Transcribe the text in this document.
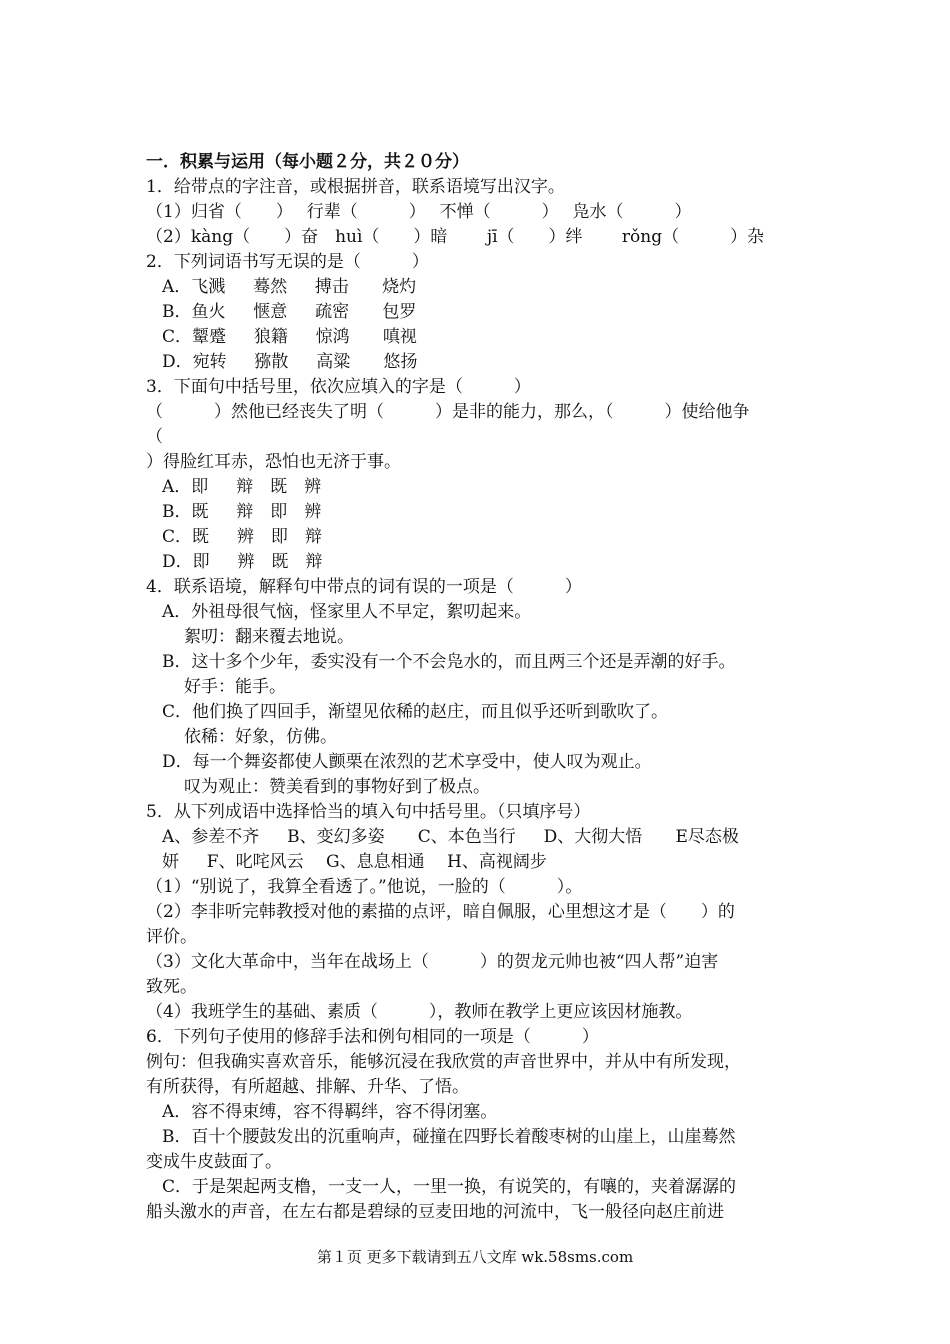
一．积累与运用（每小题２分，共２０分）
1．给带点的字注音，或根据拼音，联系语境写出汉字。
（1）归省（　　）　 行辈（　　　）　 不惮（　　　）　 凫水（　　　）
（2）kàng（　　）奋　huì（　　）暗　　 jī（　　）绊　　 rǒng（　　　）杂
2．下列词语书写无误的是（　　　）
A．飞溅　  蓦然　  搏击　   烧灼
B．鱼火　  惬意　  疏密　   包罗
C．颦蹙　  狼籍　  惊鸿　   嗔视
D．宛转　  猕散　  高粱　   悠扬
3．下面句中括号里，依次应填入的字是（　　　）
（　　　）然他已经丧失了明（　　　）是非的能力，那么，（　　　）使给他争
（
）得脸红耳赤，恐怕也无济于事。
A．即　  辩　既　辨
B．既　  辩　即　辨
C．既　  辨　即　辩
D．即　  辨　既　辩
4．联系语境，解释句中带点的词有误的一项是（　　　）
A．外祖母很气恼，怪家里人不早定，絮叨起来。
絮叨：翻来覆去地说。
B．这十多个少年，委实没有一个不会凫水的，而且两三个还是弄潮的好手。
好手：能手。
C．他们换了四回手，渐望见依稀的赵庄，而且似乎还听到歌吹了。
依稀：好象，仿佛。
D．每一个舞姿都使人颤栗在浓烈的艺术享受中，使人叹为观止。
叹为观止：赞美看到的事物好到了极点。
5．从下列成语中选择恰当的填入句中括号里。（只填序号）
A、参差不齐　  B、变幻多姿　   C、本色当行　  D、大彻大悟　   E尽态极
妍　  F、叱咤风云　 G、息息相通　 H、高视阔步
（1）“别说了，我算全看透了。”他说，一脸的（　　　）。
（2）李非听完韩教授对他的素描的点评，暗自佩服，心里想这才是（　　）的
评价。
（3）文化大革命中，当年在战场上（　　　）的贺龙元帅也被“四人帮”迫害
致死。
（4）我班学生的基础、素质（　　　），教师在教学上更应该因材施教。
6．下列句子使用的修辞手法和例句相同的一项是（　　　）
例句：但我确实喜欢音乐，能够沉浸在我欣赏的声音世界中，并从中有所发现，
有所获得，有所超越、排解、升华、了悟。
A．容不得束缚，容不得羁绊，容不得闭塞。
B．百十个腰鼓发出的沉重响声，碰撞在四野长着酸枣树的山崖上，山崖蓦然
变成牛皮鼓面了。
C．于是架起两支橹，一支一人，一里一换，有说笑的，有嚷的，夹着潺潺的
船头激水的声音，在左右都是碧绿的豆麦田地的河流中，飞一般径向赵庄前进
第１页 更多下载请到五八文库 wk.58sms.com
